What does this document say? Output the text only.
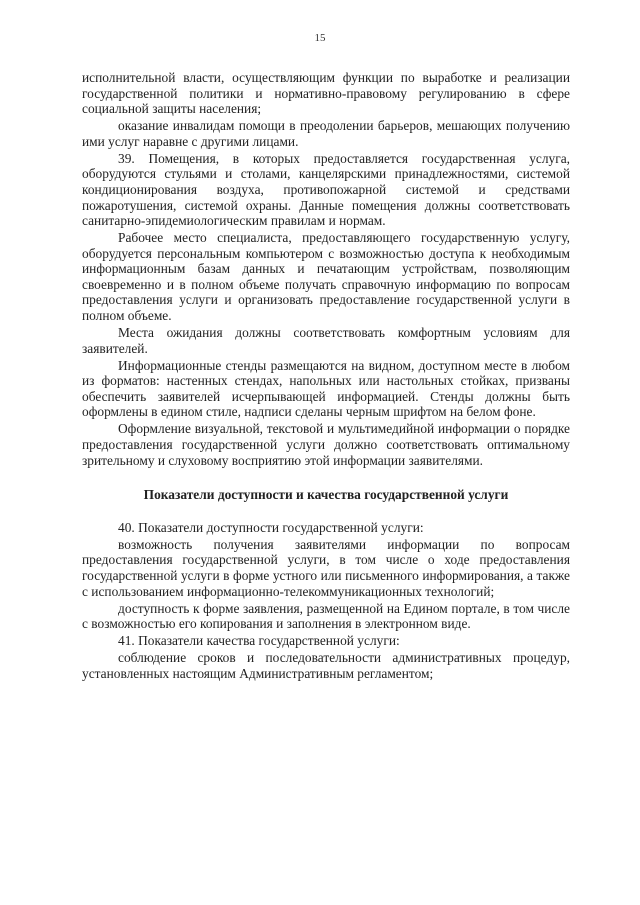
15

исполнительной власти, осуществляющим функции по выработке и реализации государственной политики и нормативно-правовому регулированию в сфере социальной защиты населения;

оказание инвалидам помощи в преодолении барьеров, мешающих получению ими услуг наравне с другими лицами.

39. Помещения, в которых предоставляется государственная услуга, оборудуются стульями и столами, канцелярскими принадлежностями, системой кондиционирования воздуха, противопожарной системой и средствами пожаротушения, системой охраны. Данные помещения должны соответствовать санитарно-эпидемиологическим правилам и нормам.

Рабочее место специалиста, предоставляющего государственную услугу, оборудуется персональным компьютером с возможностью доступа к необходимым информационным базам данных и печатающим устройствам, позволяющим своевременно и в полном объеме получать справочную информацию по вопросам предоставления услуги и организовать предоставление государственной услуги в полном объеме.

Места ожидания должны соответствовать комфортным условиям для заявителей.

Информационные стенды размещаются на видном, доступном месте в любом из форматов: настенных стендах, напольных или настольных стойках, призваны обеспечить заявителей исчерпывающей информацией. Стенды должны быть оформлены в едином стиле, надписи сделаны черным шрифтом на белом фоне.

Оформление визуальной, текстовой и мультимедийной информации о порядке предоставления государственной услуги должно соответствовать оптимальному зрительному и слуховому восприятию этой информации заявителями.

Показатели доступности и качества государственной услуги

40. Показатели доступности государственной услуги:

возможность получения заявителями информации по вопросам предоставления государственной услуги, в том числе о ходе предоставления государственной услуги в форме устного или письменного информирования, а также с использованием информационно-телекоммуникационных технологий;

доступность к форме заявления, размещенной на Едином портале, в том числе с возможностью его копирования и заполнения в электронном виде.

41. Показатели качества государственной услуги:

соблюдение сроков и последовательности административных процедур, установленных настоящим Административным регламентом;
